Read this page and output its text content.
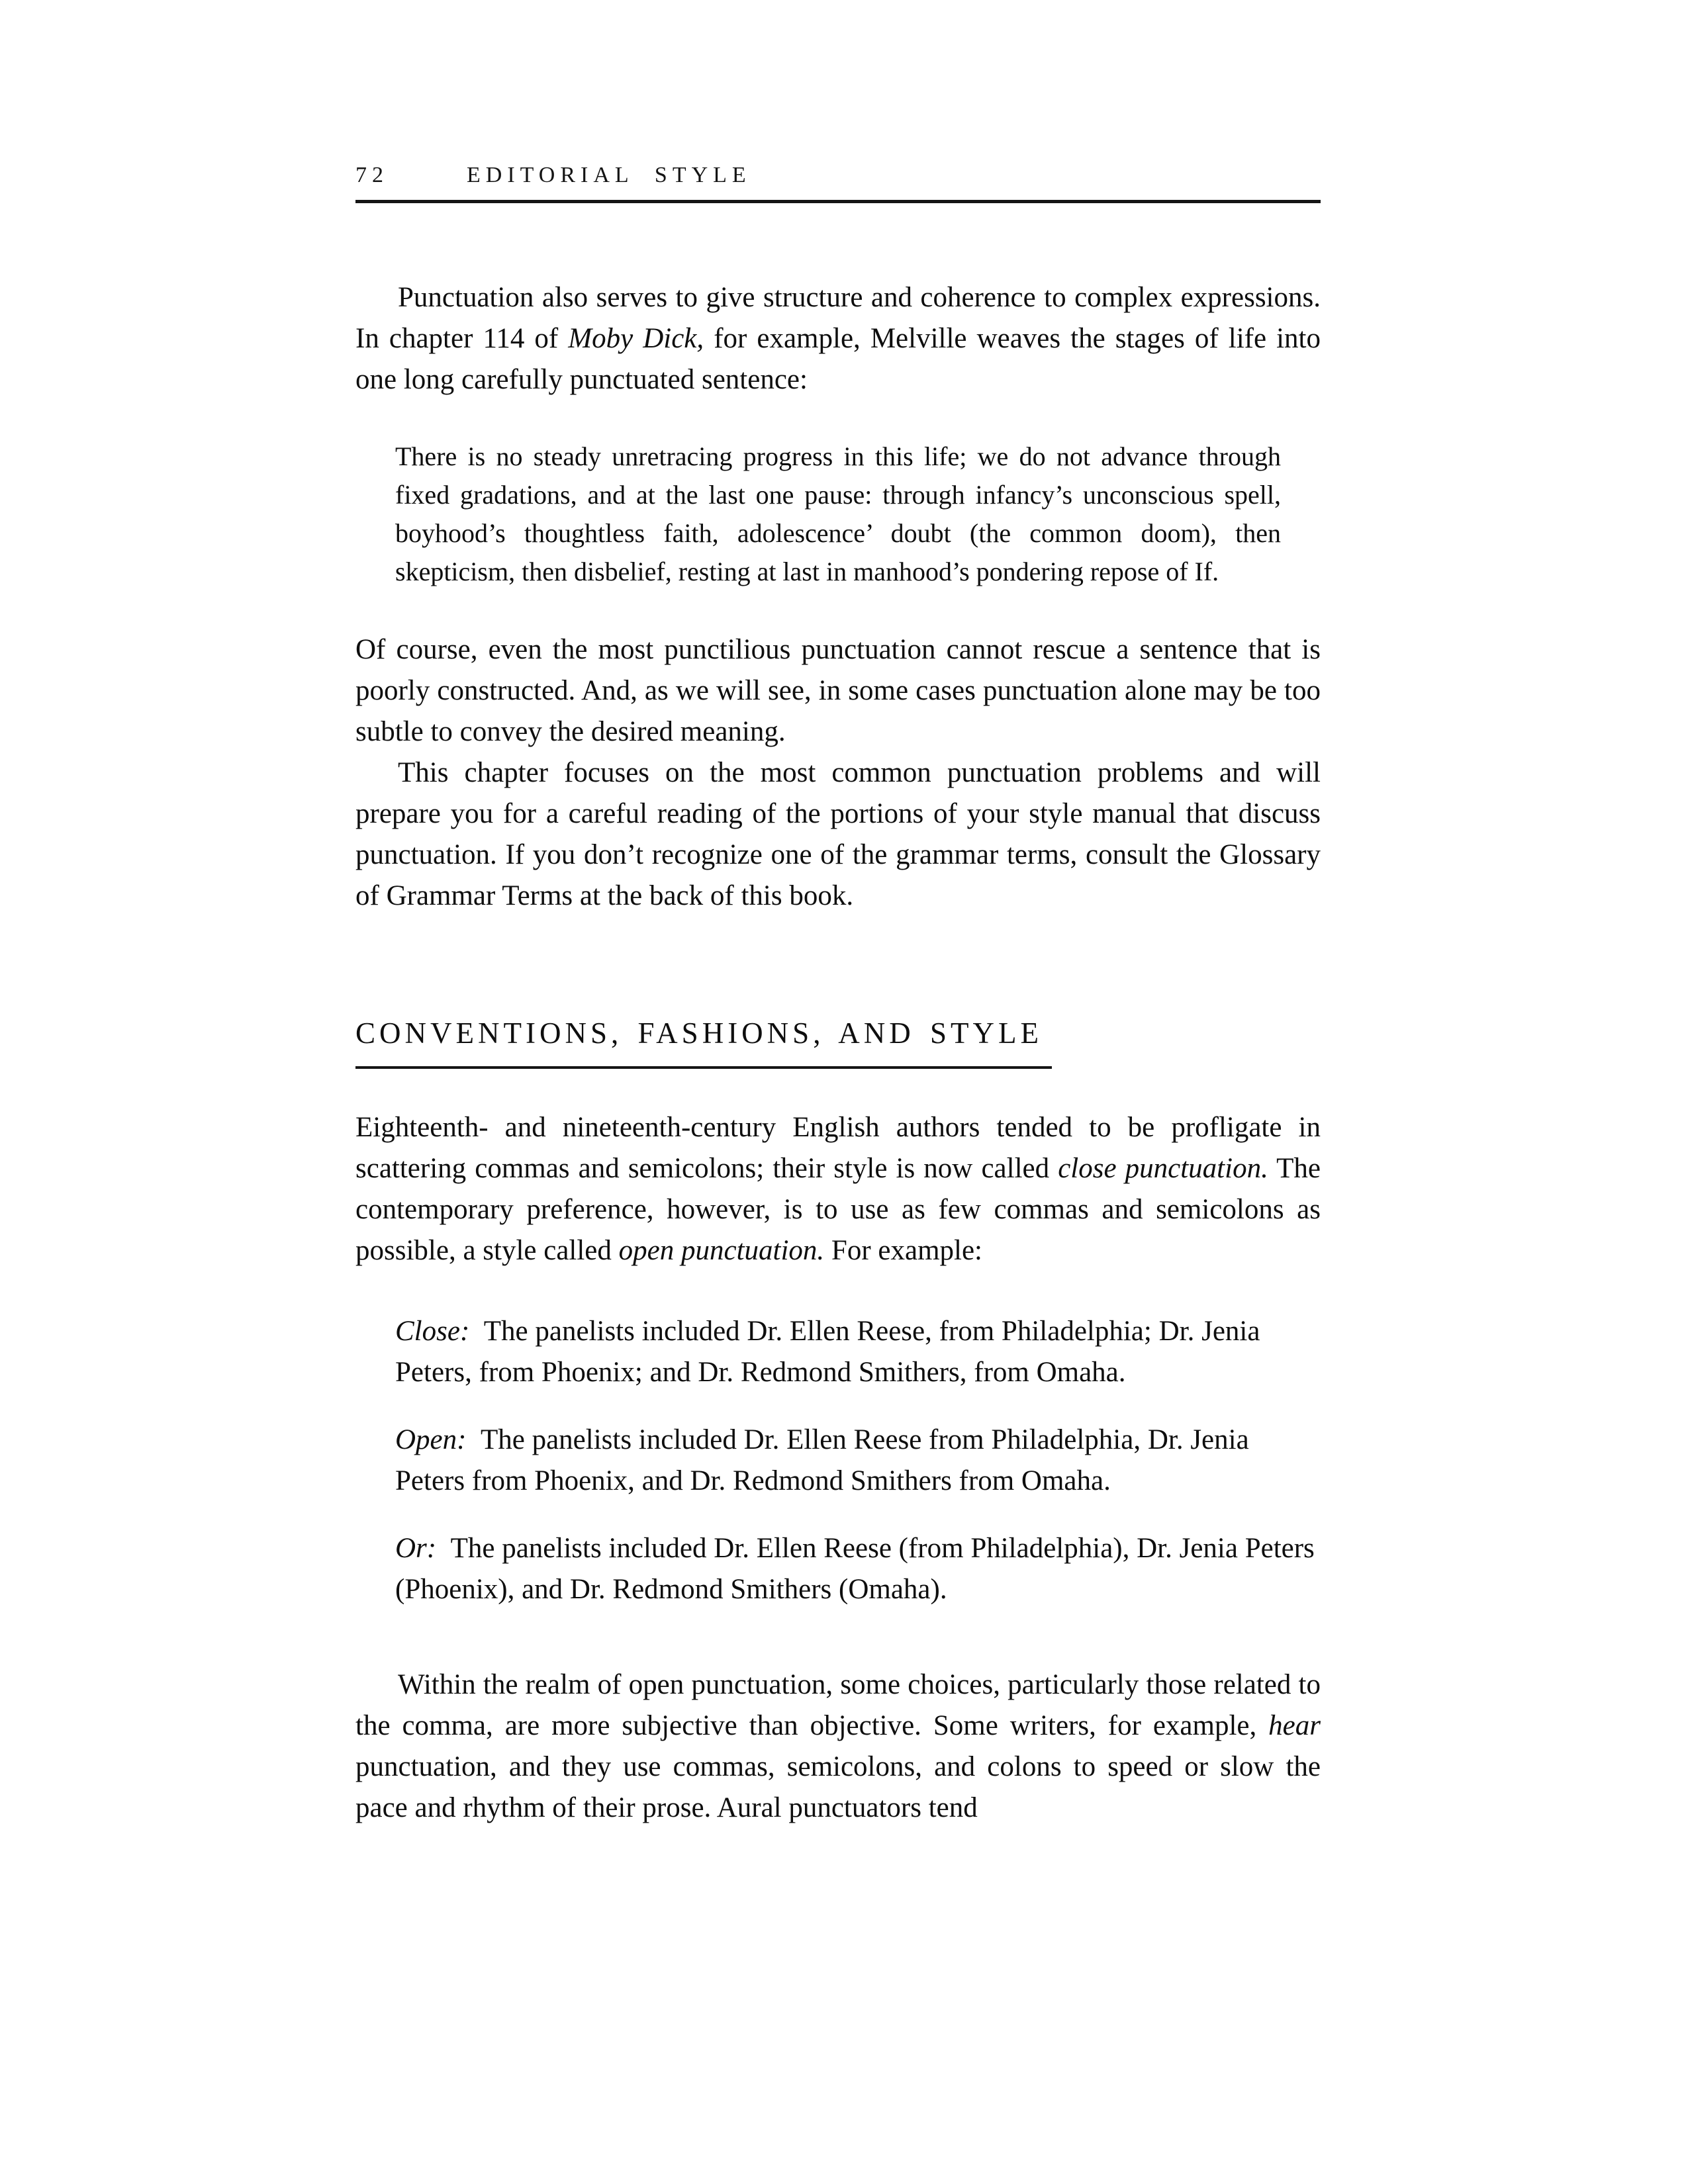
72	EDITORIAL STYLE

Punctuation also serves to give structure and coherence to complex expressions. In chapter 114 of Moby Dick, for example, Melville weaves the stages of life into one long carefully punctuated sentence:

There is no steady unretracing progress in this life; we do not advance through fixed gradations, and at the last one pause: through infancy’s unconscious spell, boyhood’s thoughtless faith, adolescence’ doubt (the common doom), then skepticism, then disbelief, resting at last in manhood’s pondering repose of If.

Of course, even the most punctilious punctuation cannot rescue a sentence that is poorly constructed. And, as we will see, in some cases punctuation alone may be too subtle to convey the desired meaning.

This chapter focuses on the most common punctuation problems and will prepare you for a careful reading of the portions of your style manual that discuss punctuation. If you don’t recognize one of the grammar terms, consult the Glossary of Grammar Terms at the back of this book.

CONVENTIONS, FASHIONS, AND STYLE

Eighteenth- and nineteenth-century English authors tended to be profligate in scattering commas and semicolons; their style is now called close punctuation. The contemporary preference, however, is to use as few commas and semicolons as possible, a style called open punctuation. For example:

Close: The panelists included Dr. Ellen Reese, from Philadelphia; Dr. Jenia Peters, from Phoenix; and Dr. Redmond Smithers, from Omaha.

Open: The panelists included Dr. Ellen Reese from Philadelphia, Dr. Jenia Peters from Phoenix, and Dr. Redmond Smithers from Omaha.

Or: The panelists included Dr. Ellen Reese (from Philadelphia), Dr. Jenia Peters (Phoenix), and Dr. Redmond Smithers (Omaha).

Within the realm of open punctuation, some choices, particularly those related to the comma, are more subjective than objective. Some writers, for example, hear punctuation, and they use commas, semicolons, and colons to speed or slow the pace and rhythm of their prose. Aural punctuators tend
